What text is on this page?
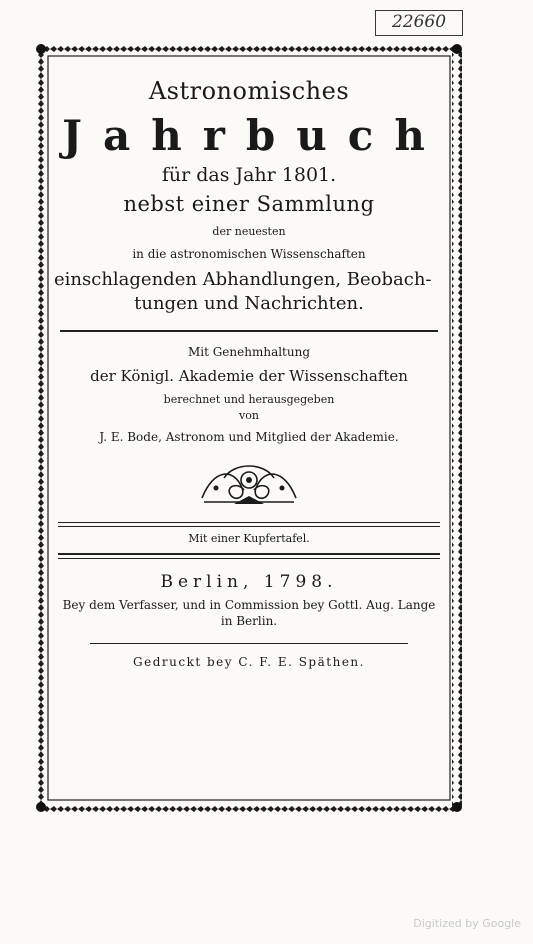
22660
Astronomisches
Jahrbuch
für das Jahr 1801.
nebst einer Sammlung
der neuesten
in die astronomischen Wissenschaften
einschlagenden Abhandlungen, Beobach-
tungen und Nachrichten.
Mit Genehmhaltung
der Königl. Akademie der Wissenschaften
berechnet und herausgegeben
von
J. E. Bode, Astronom und Mitglied der Akademie.
Mit einer Kupfertafel.
Berlin, 1798.
Bey dem Verfasser, und in Commission bey Gottl. Aug. Lange
in Berlin.
Gedruckt bey C. F. E. Späthen.
Digitized by Google
